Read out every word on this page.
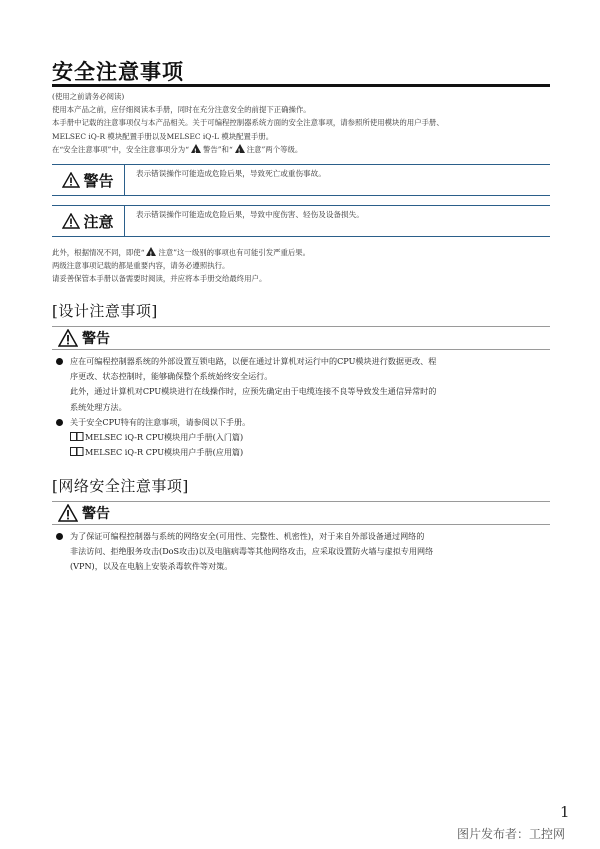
安全注意事项
(使用之前请务必阅读)
使用本产品之前，应仔细阅读本手册，同时在充分注意安全的前提下正确操作。
本手册中记载的注意事项仅与本产品相关。关于可编程控制器系统方面的安全注意事项，请参照所使用模块的用户手册、
MELSEC iQ-R 模块配置手册以及MELSEC iQ-L 模块配置手册。
在“安全注意事项”中，安全注意事项分为“ ! 警告”和“ ! 注意”两个等级。
警告	表示错误操作可能造成危险后果，导致死亡或重伤事故。
注意	表示错误操作可能造成危险后果，导致中度伤害、轻伤及设备损失。
此外，根据情况不同，即使“ ! 注意”这一级别的事项也有可能引发严重后果。
两级注意事项记载的都是重要内容，请务必遵照执行。
请妥善保管本手册以备需要时阅读，并应将本手册交给最终用户。
[设计注意事项]
警告
应在可编程控制器系统的外部设置互锁电路，以便在通过计算机对运行中的CPU模块进行数据更改、程
序更改、状态控制时，能够确保整个系统始终安全运行。
此外，通过计算机对CPU模块进行在线操作时，应预先确定由于电缆连接不良等导致发生通信异常时的
系统处理方法。
关于安全CPU特有的注意事项，请参阅以下手册。
MELSEC iQ-R CPU模块用户手册(入门篇)
MELSEC iQ-R CPU模块用户手册(应用篇)
[网络安全注意事项]
警告
为了保证可编程控制器与系统的网络安全(可用性、完整性、机密性)，对于来自外部设备通过网络的
非法访问、拒绝服务攻击(DoS攻击)以及电脑病毒等其他网络攻击，应采取设置防火墙与虚拟专用网络
(VPN)，以及在电脑上安装杀毒软件等对策。
1
图片发布者：工控网
